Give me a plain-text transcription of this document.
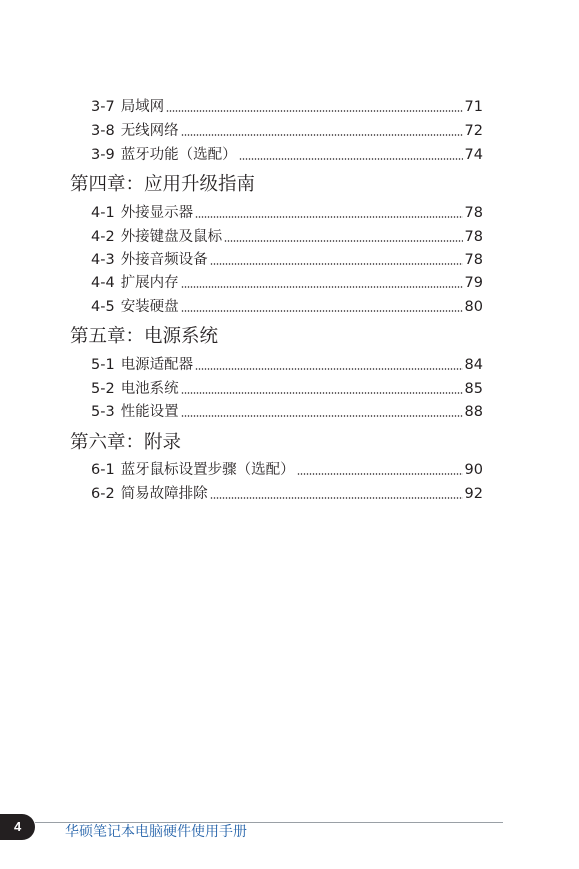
3-7 局域网	71
3-8 无线网络	72
3-9 蓝牙功能（选配）	74
第四章：应用升级指南
4-1 外接显示器	78
4-2 外接键盘及鼠标	78
4-3 外接音频设备	78
4-4 扩展内存	79
4-5 安装硬盘	80
第五章：电源系统
5-1 电源适配器	84
5-2 电池系统	85
5-3 性能设置	88
第六章：附录
6-1 蓝牙鼠标设置步骤（选配）	90
6-2 简易故障排除	92
4	华硕笔记本电脑硬件使用手册
